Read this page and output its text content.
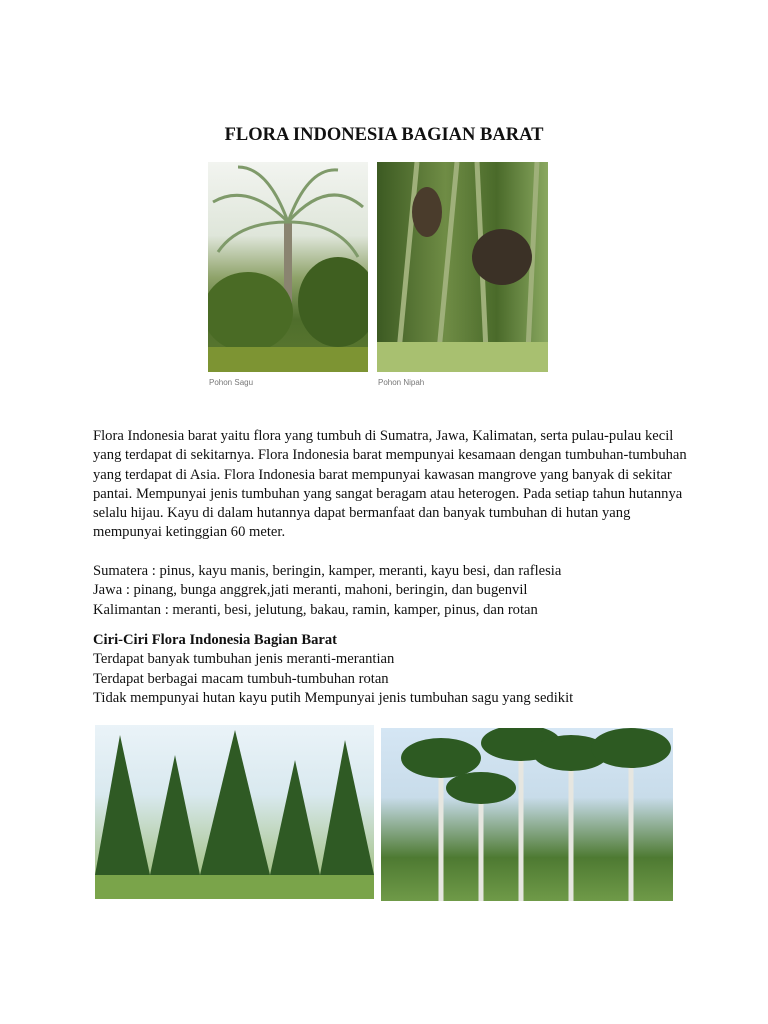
FLORA INDONESIA BAGIAN BARAT
Pohon Sagu	Pohon Nipah

Flora Indonesia barat yaitu flora yang tumbuh di Sumatra, Jawa, Kalimatan, serta pulau-pulau kecil yang terdapat di sekitarnya. Flora Indonesia barat mempunyai kesamaan dengan tumbuhan-tumbuhan yang terdapat di Asia. Flora Indonesia barat mempunyai kawasan mangrove yang banyak di sekitar pantai. Mempunyai jenis tumbuhan yang sangat beragam atau heterogen. Pada setiap tahun hutannya selalu hijau. Kayu di dalam hutannya dapat bermanfaat dan banyak tumbuhan di hutan yang mempunyai ketinggian 60 meter.

Sumatera : pinus, kayu manis, beringin, kamper, meranti, kayu besi, dan raflesia

Jawa : pinang, bunga anggrek,jati meranti, mahoni, beringin, dan bugenvil

Kalimantan : meranti, besi, jelutung, bakau, ramin, kamper, pinus, dan rotan

Ciri-Ciri Flora Indonesia Bagian Barat

Terdapat banyak tumbuhan jenis meranti-merantian

Terdapat berbagai macam tumbuh-tumbuhan rotan

Tidak mempunyai hutan kayu putih Mempunyai jenis tumbuhan sagu yang sedikit
